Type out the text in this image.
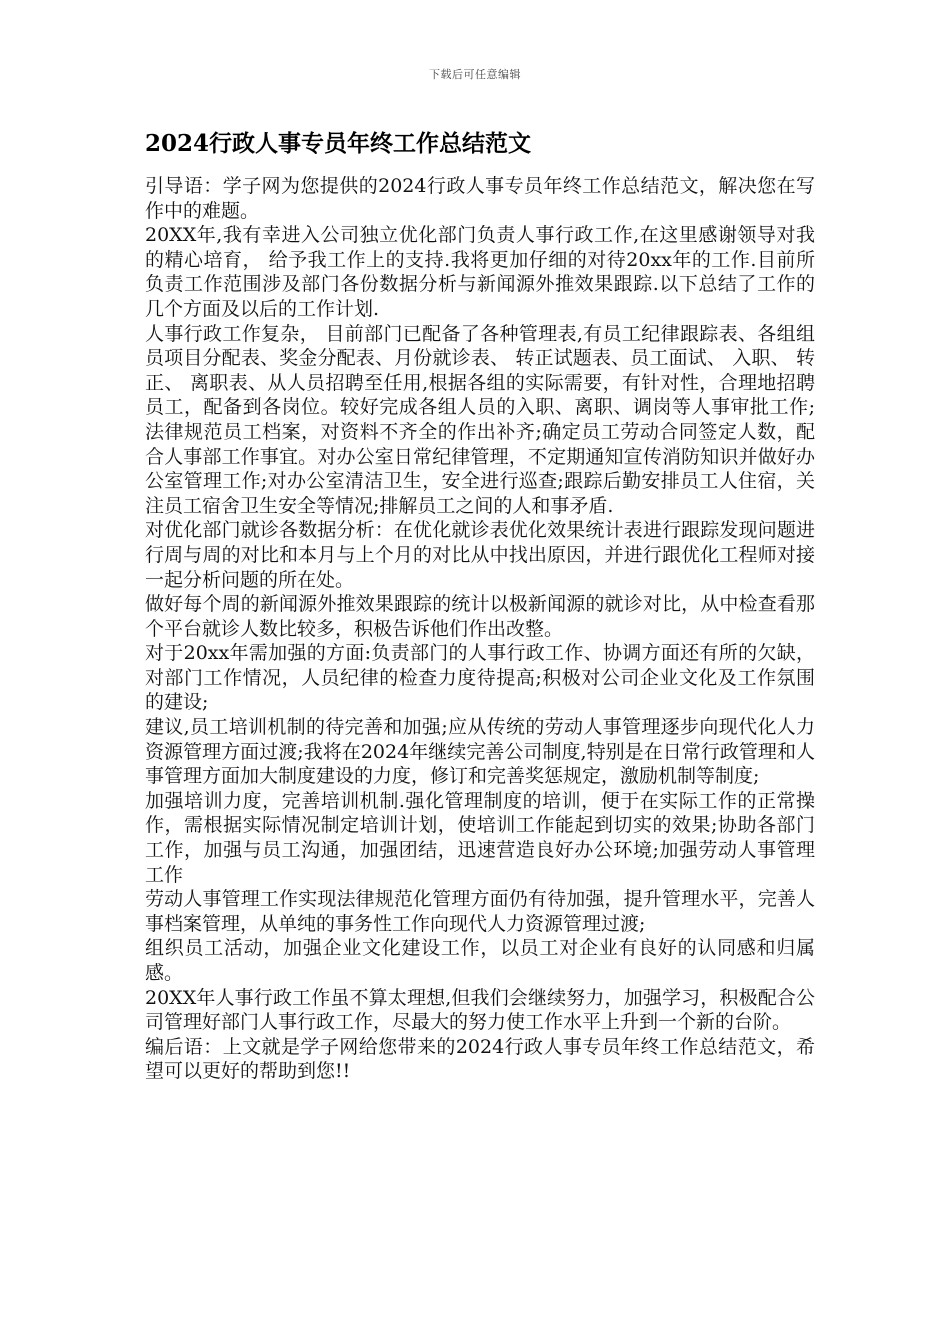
下载后可任意编辑
2024行政人事专员年终工作总结范文

引导语：学子网为您提供的2024行政人事专员年终工作总结范文，解决您在写作中的难题。

20XX年,我有幸进入公司独立优化部门负责人事行政工作,在这里感谢领导对我的精心培育， 给予我工作上的支持.我将更加仔细的对待20xx年的工作.目前所负责工作范围涉及部门各份数据分析与新闻源外推效果跟踪.以下总结了工作的几个方面及以后的工作计划.

人事行政工作复杂， 目前部门已配备了各种管理表,有员工纪律跟踪表、各组组员项目分配表、奖金分配表、月份就诊表、 转正试题表、员工面试、 入职、 转正、 离职表、从人员招聘至任用,根据各组的实际需要，有针对性，合理地招聘员工，配备到各岗位。较好完成各组人员的入职、离职、调岗等人事审批工作;法律规范员工档案，对资料不齐全的作出补齐;确定员工劳动合同签定人数，配合人事部工作事宜。对办公室日常纪律管理，不定期通知宣传消防知识并做好办公室管理工作;对办公室清洁卫生，安全进行巡查;跟踪后勤安排员工人住宿，关注员工宿舍卫生安全等情况;排解员工之间的人和事矛盾.

对优化部门就诊各数据分析：在优化就诊表优化效果统计表进行跟踪发现问题进行周与周的对比和本月与上个月的对比从中找出原因，并进行跟优化工程师对接一起分析问题的所在处。

做好每个周的新闻源外推效果跟踪的统计以极新闻源的就诊对比，从中检查看那个平台就诊人数比较多，积极告诉他们作出改整。

对于20xx年需加强的方面:负责部门的人事行政工作、协调方面还有所的欠缺，对部门工作情况，人员纪律的检查力度待提高;积极对公司企业文化及工作氛围的建设;

建议,员工培训机制的待完善和加强;应从传统的劳动人事管理逐步向现代化人力资源管理方面过渡;我将在2024年继续完善公司制度,特别是在日常行政管理和人事管理方面加大制度建设的力度，修订和完善奖惩规定，激励机制等制度;

加强培训力度，完善培训机制.强化管理制度的培训，便于在实际工作的正常操作，需根据实际情况制定培训计划，使培训工作能起到切实的效果;协助各部门工作，加强与员工沟通，加强团结，迅速营造良好办公环境;加强劳动人事管理工作

劳动人事管理工作实现法律规范化管理方面仍有待加强，提升管理水平，完善人事档案管理，从单纯的事务性工作向现代人力资源管理过渡;

组织员工活动，加强企业文化建设工作，以员工对企业有良好的认同感和归属感。

20XX年人事行政工作虽不算太理想,但我们会继续努力，加强学习，积极配合公司管理好部门人事行政工作，尽最大的努力使工作水平上升到一个新的台阶。

编后语：上文就是学子网给您带来的2024行政人事专员年终工作总结范文，希望可以更好的帮助到您!!
